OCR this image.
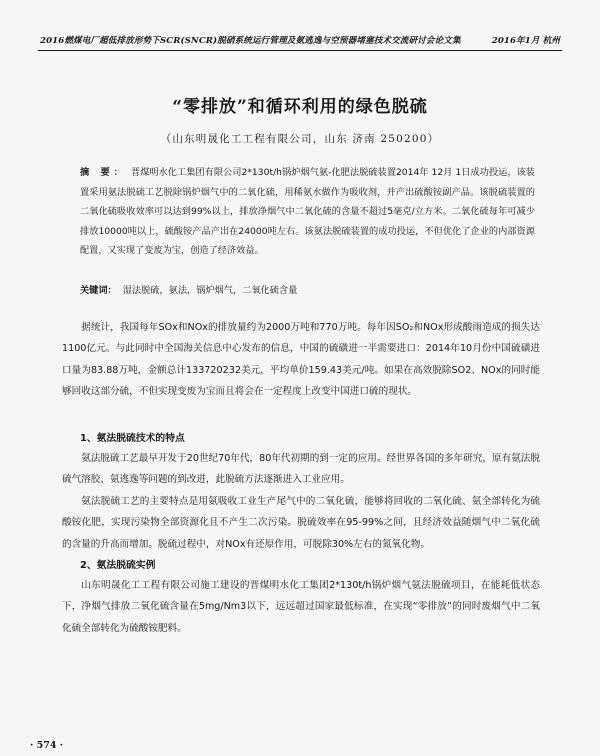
2016燃煤电厂超低排放形势下SCR(SNCR)脱硝系统运行管理及氨逃逸与空预器堵塞技术交流研讨会论文集	2016年1月 杭州
“零排放”和循环利用的绿色脱硫
（山东明晟化工工程有限公司，山东 济南 250200）
摘 要： 晋煤明水化工集团有限公司2*130t/h锅炉烟气氨-化肥法脱硫装置2014年 12月 1日成功投运，该装置采用氨法脱硫工艺脱除锅炉烟气中的二氧化硫，用稀氨水做作为吸收剂，并产出硫酸铵副产品。该脱硫装置的二氧化硫吸收效率可以达到99%以上，排放净烟气中二氧化硫的含量不超过5毫克/立方米。二氧化硫每年可减少排放10000吨以上，硫酸铵产品产出在24000吨左右。该氨法脱硫装置的成功投运，不但优化了企业的内部资源配置，又实现了变废为宝，创造了经济效益。
关键词： 湿法脱硫，氨法，锅炉烟气，二氧化硫含量

据统计，我国每年SOx和NOx的排放量约为2000万吨和770万吨。每年因SO₂和NOx形成酸雨造成的损失达1100亿元。与此同时中全国海关信息中心发布的信息，中国的硫磺进一半需要进口：2014年10月份中国硫磺进口量为83.88万吨，金额总计133720232美元，平均单价159.43美元/吨。如果在高效脱除SO2、NOx的同时能够回收这部分硫，不但实现变废为宝而且将会在一定程度上改变中国进口硫的现状。

1、氨法脱硫技术的特点

氨法脱硫工艺最早开发于20世纪70年代，80年代初期的到一定的应用。经世界各国的多年研究，原有氨法脱硫气溶胶、氨逃逸等问题的到改进，此脱硫方法逐渐进入工业应用。

氨法脱硫工艺的主要特点是用氨吸收工业生产尾气中的二氧化硫，能够将回收的二氧化硫、氨全部转化为硫酸铵化肥，实现污染物全部资源化且不产生二次污染。脱硫效率在95-99%之间，且经济效益随烟气中二氧化硫的含量的升高而增加。脱硫过程中，对NOx有还原作用，可脱除30%左右的氮氧化物。

2、氨法脱硫实例

山东明晟化工工程有限公司施工建设的晋煤明水化工集团2*130t/h锅炉烟气氨法脱硫项目，在能耗低状态下，净烟气排放二氧化硫含量在5mg/Nm3以下，远远超过国家最低标准，在实现“零排放”的同时废烟气中二氧化硫全部转化为硫酸铵肥料。

· 574 ·
